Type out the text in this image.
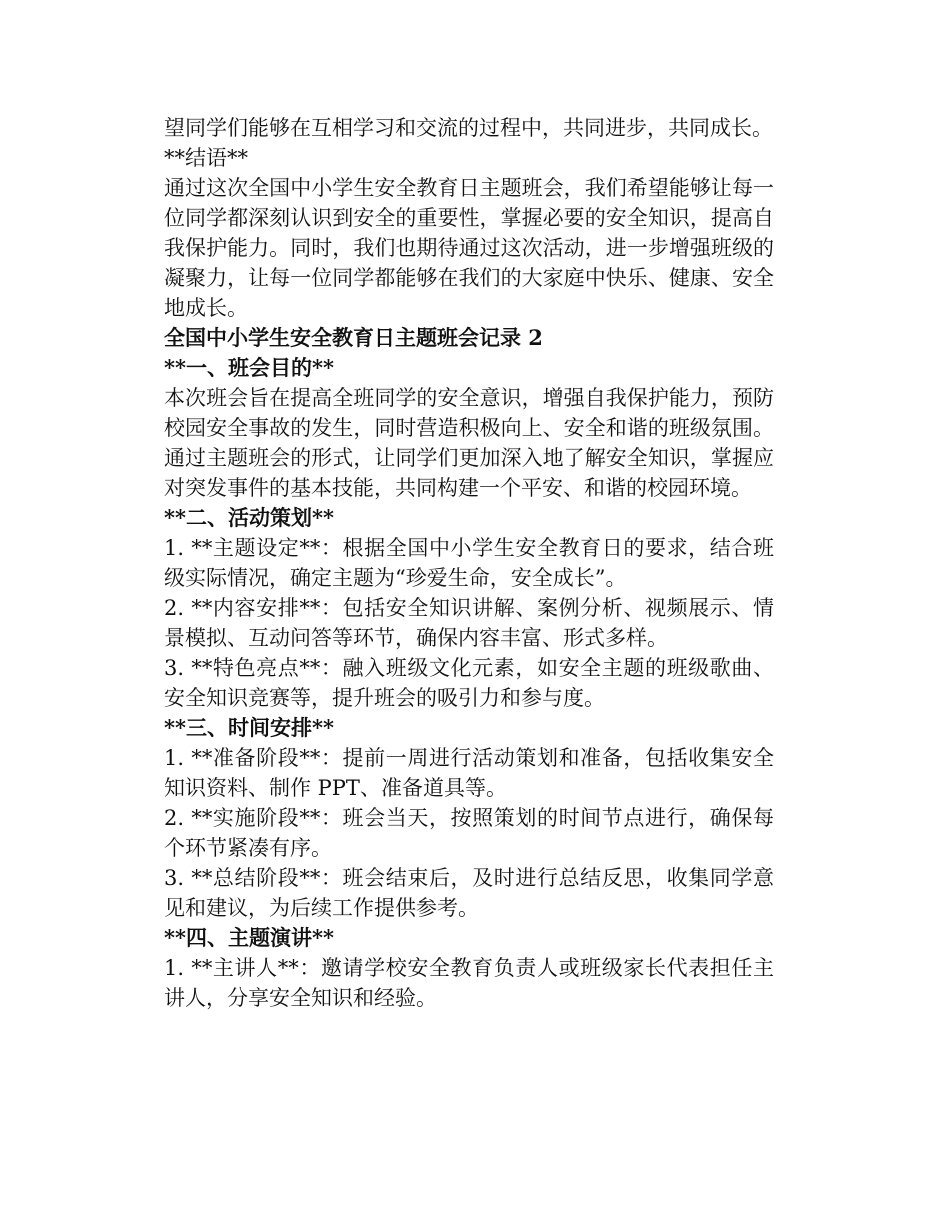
望同学们能够在互相学习和交流的过程中，共同进步，共同成长。

**结语**

通过这次全国中小学生安全教育日主题班会，我们希望能够让每一位同学都深刻认识到安全的重要性，掌握必要的安全知识，提高自我保护能力。同时，我们也期待通过这次活动，进一步增强班级的凝聚力，让每一位同学都能够在我们的大家庭中快乐、健康、安全地成长。

全国中小学生安全教育日主题班会记录 2

**一、班会目的**

本次班会旨在提高全班同学的安全意识，增强自我保护能力，预防校园安全事故的发生，同时营造积极向上、安全和谐的班级氛围。通过主题班会的形式，让同学们更加深入地了解安全知识，掌握应对突发事件的基本技能，共同构建一个平安、和谐的校园环境。

**二、活动策划**

1. **主题设定**：根据全国中小学生安全教育日的要求，结合班级实际情况，确定主题为“珍爱生命，安全成长”。

2. **内容安排**：包括安全知识讲解、案例分析、视频展示、情景模拟、互动问答等环节，确保内容丰富、形式多样。

3. **特色亮点**：融入班级文化元素，如安全主题的班级歌曲、安全知识竞赛等，提升班会的吸引力和参与度。

**三、时间安排**

1. **准备阶段**：提前一周进行活动策划和准备，包括收集安全知识资料、制作 PPT、准备道具等。

2. **实施阶段**：班会当天，按照策划的时间节点进行，确保每个环节紧凑有序。

3. **总结阶段**：班会结束后，及时进行总结反思，收集同学意见和建议，为后续工作提供参考。

**四、主题演讲**

1. **主讲人**：邀请学校安全教育负责人或班级家长代表担任主讲人，分享安全知识和经验。
